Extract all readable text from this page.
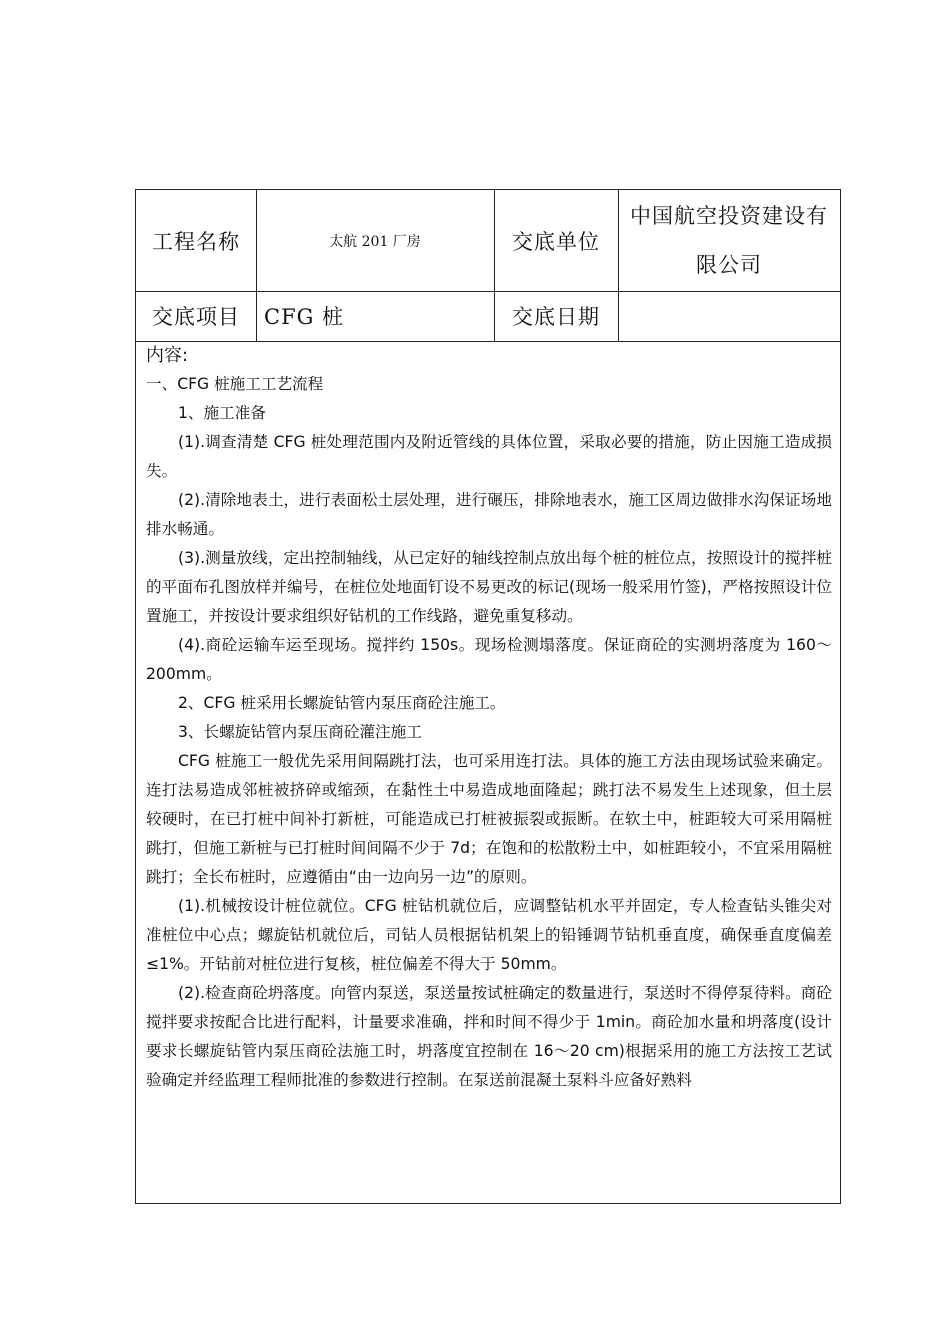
工程名称	太航 201 厂房	交底单位
中国航空投资建设有
限公司
交底项目	CFG 桩	交底日期

内容:

一、CFG 桩施工工艺流程

1、施工准备

(1).调查清楚 CFG 桩处理范围内及附近管线的具体位置，采取必要的措施，防止因施工造成损失。

(2).清除地表土，进行表面松土层处理，进行碾压，排除地表水，施工区周边做排水沟保证场地排水畅通。

(3).测量放线，定出控制轴线，从已定好的轴线控制点放出每个桩的桩位点，按照设计的搅拌桩的平面布孔图放样并编号，在桩位处地面钉设不易更改的标记(现场一般采用竹签)，严格按照设计位置施工，并按设计要求组织好钻机的工作线路，避免重复移动。

(4).商砼运输车运至现场。搅拌约 150s。现场检测塌落度。保证商砼的实测坍落度为 160～200mm。

2、CFG 桩采用长螺旋钻管内泵压商砼注施工。

3、长螺旋钻管内泵压商砼灌注施工

CFG 桩施工一般优先采用间隔跳打法，也可采用连打法。具体的施工方法由现场试验来确定。连打法易造成邻桩被挤碎或缩颈，在黏性土中易造成地面隆起；跳打法不易发生上述现象，但土层较硬时，在已打桩中间补打新桩，可能造成已打桩被振裂或振断。在软土中，桩距较大可采用隔桩跳打，但施工新桩与已打桩时间间隔不少于 7d；在饱和的松散粉土中，如桩距较小，不宜采用隔桩跳打；全长布桩时，应遵循由“由一边向另一边”的原则。

(1).机械按设计桩位就位。CFG 桩钻机就位后，应调整钻机水平并固定，专人检查钻头锥尖对准桩位中心点；螺旋钻机就位后，司钻人员根据钻机架上的铅锤调节钻机垂直度，确保垂直度偏差≤1%。开钻前对桩位进行复核，桩位偏差不得大于 50mm。

(2).检查商砼坍落度。向管内泵送，泵送量按试桩确定的数量进行，泵送时不得停泵待料。商砼搅拌要求按配合比进行配料，计量要求准确，拌和时间不得少于 1min。商砼加水量和坍落度(设计要求长螺旋钻管内泵压商砼法施工时，坍落度宜控制在 16～20 cm)根据采用的施工方法按工艺试验确定并经监理工程师批准的参数进行控制。在泵送前混凝土泵料斗应备好熟料
